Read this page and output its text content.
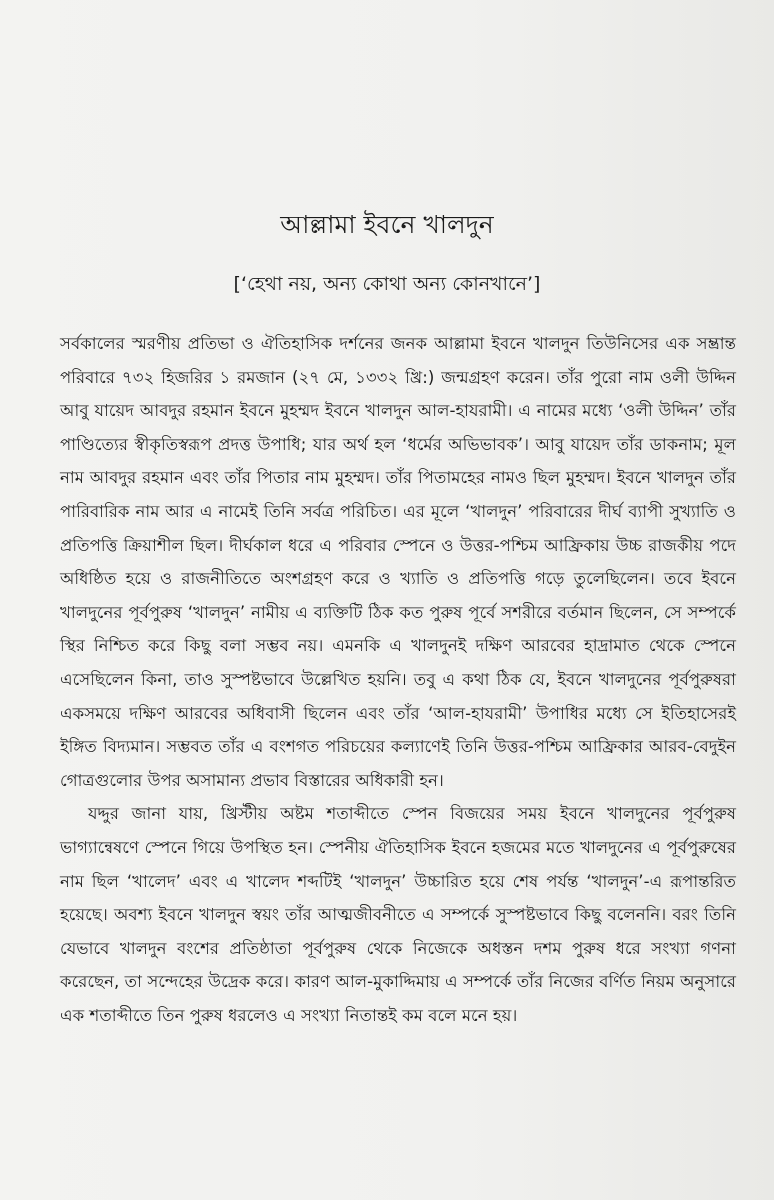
আল্লামা ইবনে খালদুন
[‘হেথা নয়, অন্য কোথা অন্য কোনখানে’]

সর্বকালের স্মরণীয় প্রতিভা ও ঐতিহাসিক দর্শনের জনক আল্লামা ইবনে খালদুন তিউনিসের এক সম্ভ্রান্ত পরিবারে ৭৩২ হিজরির ১ রমজান (২৭ মে, ১৩৩২ খ্রি:) জন্মগ্রহণ করেন। তাঁর পুরো নাম ওলী উদ্দিন আবু যায়েদ আবদুর রহমান ইবনে মুহম্মদ ইবনে খালদুন আল-হাযরামী। এ নামের মধ্যে ‘ওলী উদ্দিন’ তাঁর পাণ্ডিত্যের স্বীকৃতিস্বরূপ প্রদত্ত উপাধি; যার অর্থ হল ‘ধর্মের অভিভাবক’। আবু যায়েদ তাঁর ডাকনাম; মূল নাম আবদুর রহমান এবং তাঁর পিতার নাম মুহম্মদ। তাঁর পিতামহের নামও ছিল মুহম্মদ। ইবনে খালদুন তাঁর পারিবারিক নাম আর এ নামেই তিনি সর্বত্র পরিচিত। এর মূলে ‘খালদুন’ পরিবারের দীর্ঘ ব্যাপী সুখ্যাতি ও প্রতিপত্তি ক্রিয়াশীল ছিল। দীর্ঘকাল ধরে এ পরিবার স্পেনে ও উত্তর-পশ্চিম আফ্রিকায় উচ্চ রাজকীয় পদে অধিষ্ঠিত হয়ে ও রাজনীতিতে অংশগ্রহণ করে ও খ্যাতি ও প্রতিপত্তি গড়ে তুলেছিলেন। তবে ইবনে খালদুনের পূর্বপুরুষ ‘খালদুন’ নামীয় এ ব্যক্তিটি ঠিক কত পুরুষ পূর্বে সশরীরে বর্তমান ছিলেন, সে সম্পর্কে স্থির নিশ্চিত করে কিছু বলা সম্ভব নয়। এমনকি এ খালদুনই দক্ষিণ আরবের হাদ্রামাত থেকে স্পেনে এসেছিলেন কিনা, তাও সুস্পষ্টভাবে উল্লেখিত হয়নি। তবু এ কথা ঠিক যে, ইবনে খালদুনের পূর্বপুরুষরা একসময়ে দক্ষিণ আরবের অধিবাসী ছিলেন এবং তাঁর ‘আল-হাযরামী’ উপাধির মধ্যে সে ইতিহাসেরই ইঙ্গিত বিদ্যমান। সম্ভবত তাঁর এ বংশগত পরিচয়ের কল্যাণেই তিনি উত্তর-পশ্চিম আফ্রিকার আরব-বেদুইন গোত্রগুলোর উপর অসামান্য প্রভাব বিস্তারের অধিকারী হন।

যদ্দুর জানা যায়, খ্রিস্টীয় অষ্টম শতাব্দীতে স্পেন বিজয়ের সময় ইবনে খালদুনের পূর্বপুরুষ ভাগ্যান্বেষণে স্পেনে গিয়ে উপস্থিত হন। স্পেনীয় ঐতিহাসিক ইবনে হজমের মতে খালদুনের এ পূর্বপুরুষের নাম ছিল ‘খালেদ’ এবং এ খালেদ শব্দটিই ‘খালদুন’ উচ্চারিত হয়ে শেষ পর্যন্ত ‘খালদুন’-এ রূপান্তরিত হয়েছে। অবশ্য ইবনে খালদুন স্বয়ং তাঁর আত্মজীবনীতে এ সম্পর্কে সুস্পষ্টভাবে কিছু বলেননি। বরং তিনি যেভাবে খালদুন বংশের প্রতিষ্ঠাতা পূর্বপুরুষ থেকে নিজেকে অধস্তন দশম পুরুষ ধরে সংখ্যা গণনা করেছেন, তা সন্দেহের উদ্রেক করে। কারণ আল-মুকাদ্দিমায় এ সম্পর্কে তাঁর নিজের বর্ণিত নিয়ম অনুসারে এক শতাব্দীতে তিন পুরুষ ধরলেও এ সংখ্যা নিতান্তই কম বলে মনে হয়।
